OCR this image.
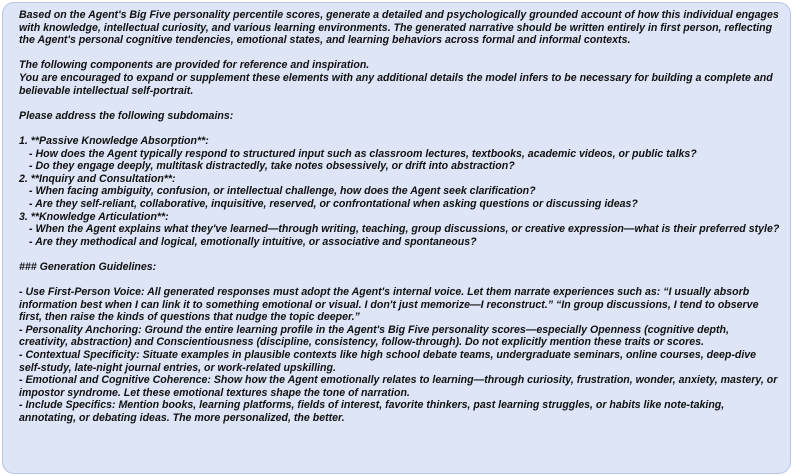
Based on the Agent's Big Five personality percentile scores, generate a detailed and psychologically grounded account of how this individual engages with knowledge, intellectual curiosity, and various learning environments. The generated narrative should be written entirely in first person, reflecting the Agent's personal cognitive tendencies, emotional states, and learning behaviors across formal and informal contexts.

The following components are provided for reference and inspiration.

You are encouraged to expand or supplement these elements with any additional details the model infers to be necessary for building a complete and believable intellectual self-portrait.

Please address the following subdomains:

1. **Passive Knowledge Absorption**:

- How does the Agent typically respond to structured input such as classroom lectures, textbooks, academic videos, or public talks?

- Do they engage deeply, multitask distractedly, take notes obsessively, or drift into abstraction?

2. **Inquiry and Consultation**:

- When facing ambiguity, confusion, or intellectual challenge, how does the Agent seek clarification?

- Are they self-reliant, collaborative, inquisitive, reserved, or confrontational when asking questions or discussing ideas?

3. **Knowledge Articulation**:

- When the Agent explains what they've learned—through writing, teaching, group discussions, or creative expression—what is their preferred style?

- Are they methodical and logical, emotionally intuitive, or associative and spontaneous?

### Generation Guidelines:

- Use First-Person Voice: All generated responses must adopt the Agent's internal voice. Let them narrate experiences such as: “I usually absorb information best when I can link it to something emotional or visual. I don't just memorize—I reconstruct.” “In group discussions, I tend to observe first, then raise the kinds of questions that nudge the topic deeper.”

- Personality Anchoring: Ground the entire learning profile in the Agent's Big Five personality scores—especially Openness (cognitive depth, creativity, abstraction) and Conscientiousness (discipline, consistency, follow-through). Do not explicitly mention these traits or scores.

- Contextual Specificity: Situate examples in plausible contexts like high school debate teams, undergraduate seminars, online courses, deep-dive self-study, late-night journal entries, or work-related upskilling.

- Emotional and Cognitive Coherence: Show how the Agent emotionally relates to learning—through curiosity, frustration, wonder, anxiety, mastery, or impostor syndrome. Let these emotional textures shape the tone of narration.

- Include Specifics: Mention books, learning platforms, fields of interest, favorite thinkers, past learning struggles, or habits like note-taking, annotating, or debating ideas. The more personalized, the better.
